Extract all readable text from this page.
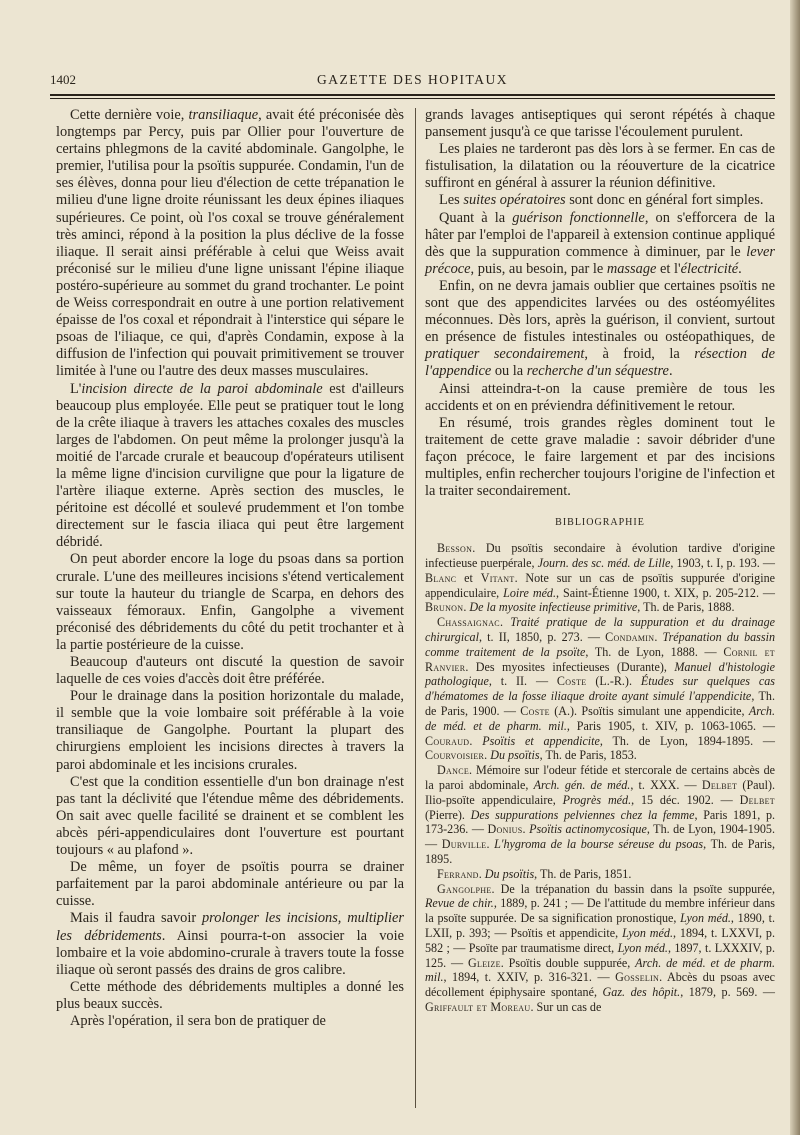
1402	GAZETTE DES HOPITAUX

Cette dernière voie, transiliaque, avait été préconisée dès longtemps par Percy, puis par Ollier pour l'ouverture de certains phlegmons de la cavité abdominale. Gangolphe, le premier, l'utilisa pour la psoïtis suppurée. Condamin, l'un de ses élèves, donna pour lieu d'élection de cette trépanation le milieu d'une ligne droite réunissant les deux épines iliaques supérieures. Ce point, où l'os coxal se trouve généralement très aminci, répond à la position la plus déclive de la fosse iliaque. Il serait ainsi préférable à celui que Weiss avait préconisé sur le milieu d'une ligne unissant l'épine iliaque postéro-supérieure au sommet du grand trochanter. Le point de Weiss correspondrait en outre à une portion relativement épaisse de l'os coxal et répondrait à l'interstice qui sépare le psoas de l'iliaque, ce qui, d'après Condamin, expose à la diffusion de l'infection qui pouvait primitivement se trouver limitée à l'une ou l'autre des deux masses musculaires.

L'incision directe de la paroi abdominale est d'ailleurs beaucoup plus employée. Elle peut se pratiquer tout le long de la crête iliaque à travers les attaches coxales des muscles larges de l'abdomen. On peut même la prolonger jusqu'à la moitié de l'arcade crurale et beaucoup d'opérateurs utilisent la même ligne d'incision curviligne que pour la ligature de l'artère iliaque externe. Après section des muscles, le péritoine est décollé et soulevé prudemment et l'on tombe directement sur le fascia iliaca qui peut être largement débridé.

On peut aborder encore la loge du psoas dans sa portion crurale. L'une des meilleures incisions s'étend verticalement sur toute la hauteur du triangle de Scarpa, en dehors des vaisseaux fémoraux. Enfin, Gangolphe a vivement préconisé des débridements du côté du petit trochanter et à la partie postérieure de la cuisse.

Beaucoup d'auteurs ont discuté la question de savoir laquelle de ces voies d'accès doit être préférée.

Pour le drainage dans la position horizontale du malade, il semble que la voie lombaire soit préférable à la voie transiliaque de Gangolphe. Pourtant la plupart des chirurgiens emploient les incisions directes à travers la paroi abdominale et les incisions crurales.

C'est que la condition essentielle d'un bon drainage n'est pas tant la déclivité que l'étendue même des débridements. On sait avec quelle facilité se drainent et se comblent les abcès péri-appendiculaires dont l'ouverture est pourtant toujours « au plafond ».

De même, un foyer de psoïtis pourra se drainer parfaitement par la paroi abdominale antérieure ou par la cuisse.

Mais il faudra savoir prolonger les incisions, multiplier les débridements. Ainsi pourra-t-on associer la voie lombaire et la voie abdomino-crurale à travers toute la fosse iliaque où seront passés des drains de gros calibre.

Cette méthode des débridements multiples a donné les plus beaux succès.

Après l'opération, il sera bon de pratiquer de

grands lavages antiseptiques qui seront répétés à chaque pansement jusqu'à ce que tarisse l'écoulement purulent.

Les plaies ne tarderont pas dès lors à se fermer. En cas de fistulisation, la dilatation ou la réouverture de la cicatrice suffiront en général à assurer la réunion définitive.

Les suites opératoires sont donc en général fort simples.

Quant à la guérison fonctionnelle, on s'efforcera de la hâter par l'emploi de l'appareil à extension continue appliqué dès que la suppuration commence à diminuer, par le lever précoce, puis, au besoin, par le massage et l'électricité.

Enfin, on ne devra jamais oublier que certaines psoïtis ne sont que des appendicites larvées ou des ostéomyélites méconnues. Dès lors, après la guérison, il convient, surtout en présence de fistules intestinales ou ostéopathiques, de pratiquer secondairement, à froid, la résection de l'appendice ou la recherche d'un séquestre.

Ainsi atteindra-t-on la cause première de tous les accidents et on en préviendra définitivement le retour.

En résumé, trois grandes règles dominent tout le traitement de cette grave maladie : savoir débrider d'une façon précoce, le faire largement et par des incisions multiples, enfin rechercher toujours l'origine de l'infection et la traiter secondairement.

BIBLIOGRAPHIE

Besson. Du psoïtis secondaire à évolution tardive d'origine infectieuse puerpérale, Journ. des sc. méd. de Lille, 1903, t. I, p. 193. — Blanc et Vitant. Note sur un cas de psoïtis suppurée d'origine appendiculaire, Loire méd., Saint-Étienne 1900, t. XIX, p. 205-212. — Brunon. De la myosite infectieuse primitive, Th. de Paris, 1888.

Chassaignac. Traité pratique de la suppuration et du drainage chirurgical, t. II, 1850, p. 273. — Condamin. Trépanation du bassin comme traitement de la psoïte, Th. de Lyon, 1888. — Cornil et Ranvier. Des myosites infectieuses (Durante), Manuel d'histologie pathologique, t. II. — Coste (L.-R.). Études sur quelques cas d'hématomes de la fosse iliaque droite ayant simulé l'appendicite, Th. de Paris, 1900. — Coste (A.). Psoïtis simulant une appendicite, Arch. de méd. et de pharm. mil., Paris 1905, t. XIV, p. 1063-1065. — Couraud. Psoïtis et appendicite, Th. de Lyon, 1894-1895. — Courvoisier. Du psoïtis, Th. de Paris, 1853.

Dance. Mémoire sur l'odeur fétide et stercorale de certains abcès de la paroi abdominale, Arch. gén. de méd., t. XXX. — Delbet (Paul). Ilio-psoïte appendiculaire, Progrès méd., 15 déc. 1902. — Delbet (Pierre). Des suppurations pelviennes chez la femme, Paris 1891, p. 173-236. — Donius. Psoïtis actinomycosique, Th. de Lyon, 1904-1905. — Durville. L'hygroma de la bourse séreuse du psoas, Th. de Paris, 1895.

Ferrand. Du psoïtis, Th. de Paris, 1851.

Gangolphe. De la trépanation du bassin dans la psoïte suppurée, Revue de chir., 1889, p. 241 ; — De l'attitude du membre inférieur dans la psoïte suppurée. De sa signification pronostique, Lyon méd., 1890, t. LXII, p. 393; — Psoïtis et appendicite, Lyon méd., 1894, t. LXXVI, p. 582 ; — Psoïte par traumatisme direct, Lyon méd., 1897, t. LXXXIV, p. 125. — Gleize. Psoïtis double suppurée, Arch. de méd. et de pharm. mil., 1894, t. XXIV, p. 316-321. — Gosselin. Abcès du psoas avec décollement épiphysaire spontané, Gaz. des hôpit., 1879, p. 569. — Griffault et Moreau. Sur un cas de
